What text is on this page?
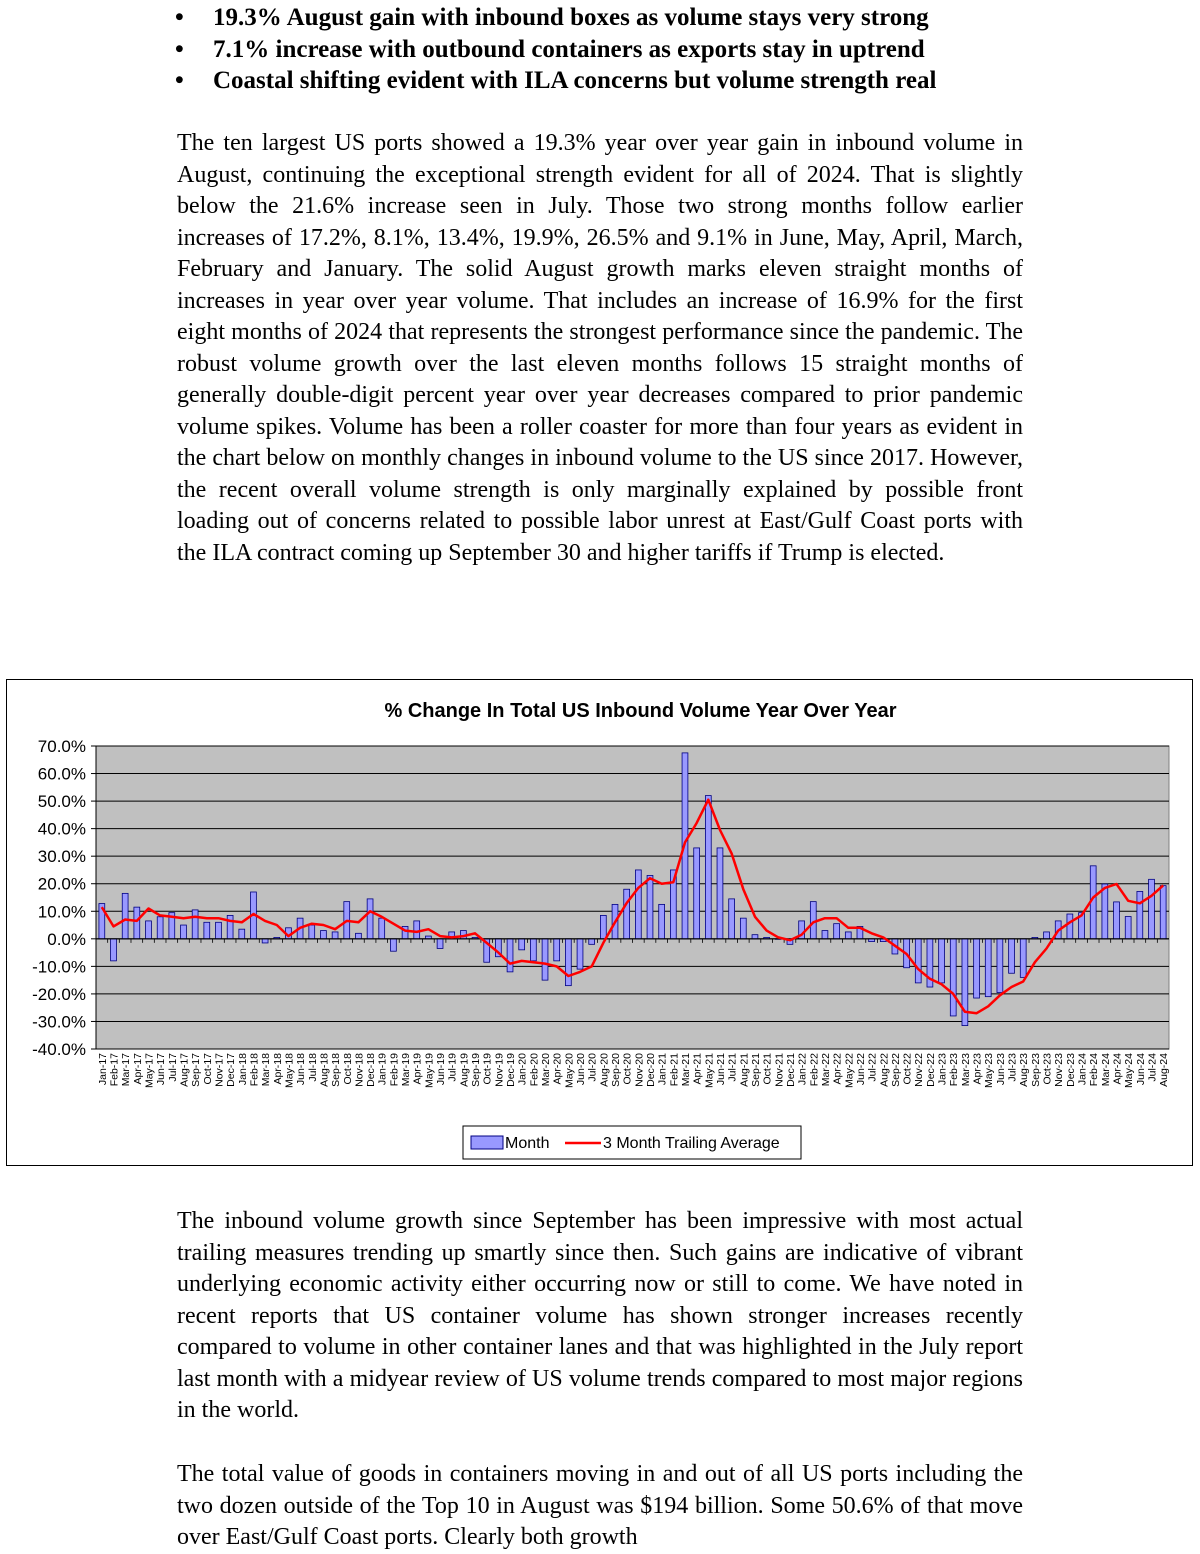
• 19.3% August gain with inbound boxes as volume stays very strong
• 7.1% increase with outbound containers as exports stay in uptrend
• Coastal shifting evident with ILA concerns but volume strength real

The ten largest US ports showed a 19.3% year over year gain in inbound volume in August, continuing the exceptional strength evident for all of 2024. That is slightly below the 21.6% increase seen in July. Those two strong months follow earlier increases of 17.2%, 8.1%, 13.4%, 19.9%, 26.5% and 9.1% in June, May, April, March, February and January. The solid August growth marks eleven straight months of increases in year over year volume. That includes an increase of 16.9% for the first eight months of 2024 that represents the strongest performance since the pandemic. The robust volume growth over the last eleven months follows 15 straight months of generally double-digit percent year over year decreases compared to prior pandemic volume spikes. Volume has been a roller coaster for more than four years as evident in the chart below on monthly changes in inbound volume to the US since 2017. However, the recent overall volume strength is only marginally explained by possible front loading out of concerns related to possible labor unrest at East/Gulf Coast ports with the ILA contract coming up September 30 and higher tariffs if Trump is elected.

% Change In Total US Inbound Volume Year Over Year
-40.0%
-30.0%
-20.0%
-10.0%
0.0%
10.0%
20.0%
30.0%
40.0%
50.0%
60.0%
70.0%
Jan-17 Feb-17 Mar-17 Apr-17 May-17 Jun-17 Jul-17 Aug-17 Sep-17 Oct-17 Nov-17 Dec-17 Jan-18 Feb-18 Mar-18 Apr-18 May-18 Jun-18 Jul-18 Aug-18 Sep-18 Oct-18 Nov-18 Dec-18 Jan-19 Feb-19 Mar-19 Apr-19 May-19 Jun-19 Jul-19 Aug-19 Sep-19 Oct-19 Nov-19 Dec-19 Jan-20 Feb-20 Mar-20 Apr-20 May-20 Jun-20 Jul-20 Aug-20 Sep-20 Oct-20 Nov-20 Dec-20 Jan-21 Feb-21 Mar-21 Apr-21 May-21 Jun-21 Jul-21 Aug-21 Sep-21 Oct-21 Nov-21 Dec-21 Jan-22 Feb-22 Mar-22 Apr-22 May-22 Jun-22 Jul-22 Aug-22 Sep-22 Oct-22 Nov-22 Dec-22 Jan-23 Feb-23 Mar-23 Apr-23 May-23 Jun-23 Jul-23 Aug-23 Sep-23 Oct-23 Nov-23 Dec-23 Jan-24 Feb-24 Mar-24 Apr-24 May-24 Jun-24 Jul-24 Aug-24
Month	3 Month Trailing Average

The inbound volume growth since September has been impressive with most actual trailing measures trending up smartly since then. Such gains are indicative of vibrant underlying economic activity either occurring now or still to come. We have noted in recent reports that US container volume has shown stronger increases recently compared to volume in other container lanes and that was highlighted in the July report last month with a midyear review of US volume trends compared to most major regions in the world.

The total value of goods in containers moving in and out of all US ports including the two dozen outside of the Top 10 in August was $194 billion. Some 50.6% of that move over East/Gulf Coast ports. Clearly both growth
